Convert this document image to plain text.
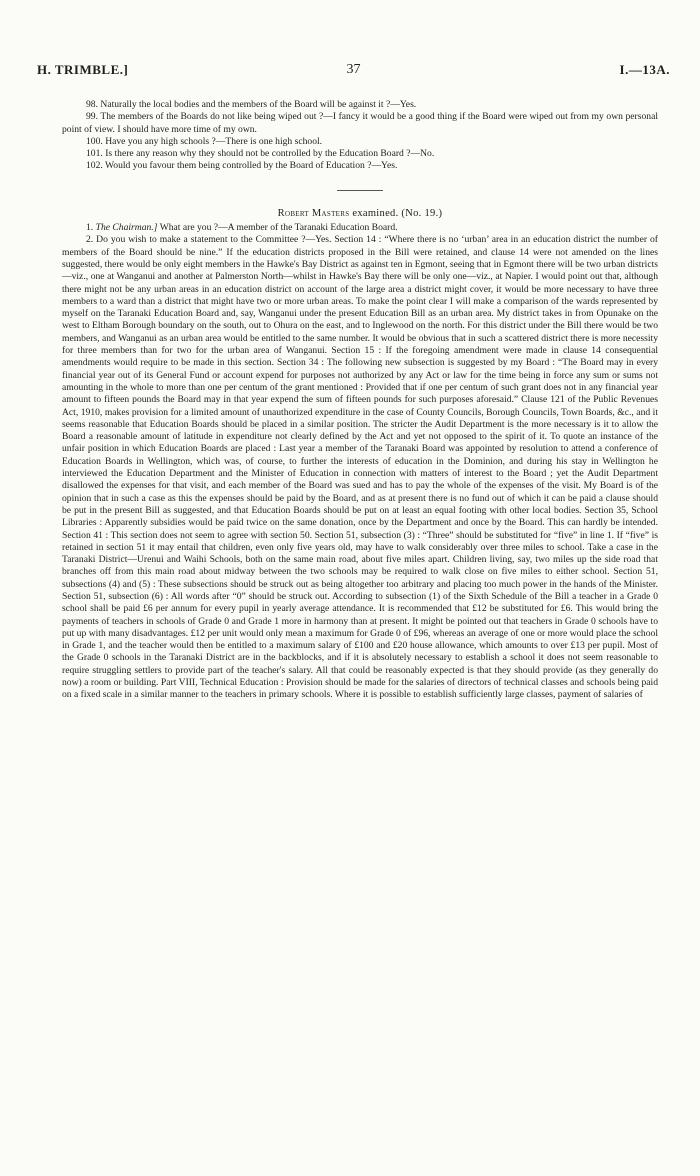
H. TRIMBLE.]	37	I.—13A.

98. Naturally the local bodies and the members of the Board will be against it ?—Yes.

99. The members of the Boards do not like being wiped out ?—I fancy it would be a good thing if the Board were wiped out from my own personal point of view. I should have more time of my own.

100. Have you any high schools ?—There is one high school.

101. Is there any reason why they should not be controlled by the Education Board ?—No.

102. Would you favour them being controlled by the Board of Education ?—Yes.

Robert Masters examined. (No. 19.)

1. The Chairman.] What are you ?—A member of the Taranaki Education Board.

2. Do you wish to make a statement to the Committee ?—Yes. Section 14 : “Where there is no ‘urban’ area in an education district the number of members of the Board should be nine.” If the education districts proposed in the Bill were retained, and clause 14 were not amended on the lines suggested, there would be only eight members in the Hawke's Bay District as against ten in Egmont, seeing that in Egmont there will be two urban districts—viz., one at Wanganui and another at Palmerston North—whilst in Hawke's Bay there will be only one—viz., at Napier. I would point out that, although there might not be any urban areas in an education district on account of the large area a district might cover, it would be more necessary to have three members to a ward than a district that might have two or more urban areas. To make the point clear I will make a comparison of the wards represented by myself on the Taranaki Education Board and, say, Wanganui under the present Education Bill as an urban area. My district takes in from Opunake on the west to Eltham Borough boundary on the south, out to Ohura on the east, and to Inglewood on the north. For this district under the Bill there would be two members, and Wanganui as an urban area would be entitled to the same number. It would be obvious that in such a scattered district there is more necessity for three members than for two for the urban area of Wanganui. Section 15 : If the foregoing amendment were made in clause 14 consequential amendments would require to be made in this section. Section 34 : The following new subsection is suggested by my Board : “The Board may in every financial year out of its General Fund or account expend for purposes not authorized by any Act or law for the time being in force any sum or sums not amounting in the whole to more than one per centum of the grant mentioned : Provided that if one per centum of such grant does not in any financial year amount to fifteen pounds the Board may in that year expend the sum of fifteen pounds for such purposes aforesaid.” Clause 121 of the Public Revenues Act, 1910, makes provision for a limited amount of unauthorized expenditure in the case of County Councils, Borough Councils, Town Boards, &c., and it seems reasonable that Education Boards should be placed in a similar position. The stricter the Audit Department is the more necessary is it to allow the Board a reasonable amount of latitude in expenditure not clearly defined by the Act and yet not opposed to the spirit of it. To quote an instance of the unfair position in which Education Boards are placed : Last year a member of the Taranaki Board was appointed by resolution to attend a conference of Education Boards in Wellington, which was, of course, to further the interests of education in the Dominion, and during his stay in Wellington he interviewed the Education Department and the Minister of Education in connection with matters of interest to the Board ; yet the Audit Department disallowed the expenses for that visit, and each member of the Board was sued and has to pay the whole of the expenses of the visit. My Board is of the opinion that in such a case as this the expenses should be paid by the Board, and as at present there is no fund out of which it can be paid a clause should be put in the present Bill as suggested, and that Education Boards should be put on at least an equal footing with other local bodies. Section 35, School Libraries : Apparently subsidies would be paid twice on the same donation, once by the Department and once by the Board. This can hardly be intended. Section 41 : This section does not seem to agree with section 50. Section 51, subsection (3) : “Three” should be substituted for “five” in line 1. If “five” is retained in section 51 it may entail that children, even only five years old, may have to walk considerably over three miles to school. Take a case in the Taranaki District—Urenui and Waihi Schools, both on the same main road, about five miles apart. Children living, say, two miles up the side road that branches off from this main road about midway between the two schools may be required to walk close on five miles to either school. Section 51, subsections (4) and (5) : These subsections should be struck out as being altogether too arbitrary and placing too much power in the hands of the Minister. Section 51, subsection (6) : All words after “0” should be struck out. According to subsection (1) of the Sixth Schedule of the Bill a teacher in a Grade 0 school shall be paid £6 per annum for every pupil in yearly average attendance. It is recommended that £12 be substituted for £6. This would bring the payments of teachers in schools of Grade 0 and Grade 1 more in harmony than at present. It might be pointed out that teachers in Grade 0 schools have to put up with many disadvantages. £12 per unit would only mean a maximum for Grade 0 of £96, whereas an average of one or more would place the school in Grade 1, and the teacher would then be entitled to a maximum salary of £100 and £20 house allowance, which amounts to over £13 per pupil. Most of the Grade 0 schools in the Taranaki District are in the backblocks, and if it is absolutely necessary to establish a school it does not seem reasonable to require struggling settlers to provide part of the teacher's salary. All that could be reasonably expected is that they should provide (as they generally do now) a room or building. Part VIII, Technical Education : Provision should be made for the salaries of directors of technical classes and schools being paid on a fixed scale in a similar manner to the teachers in primary schools. Where it is possible to establish sufficiently large classes, payment of salaries of
